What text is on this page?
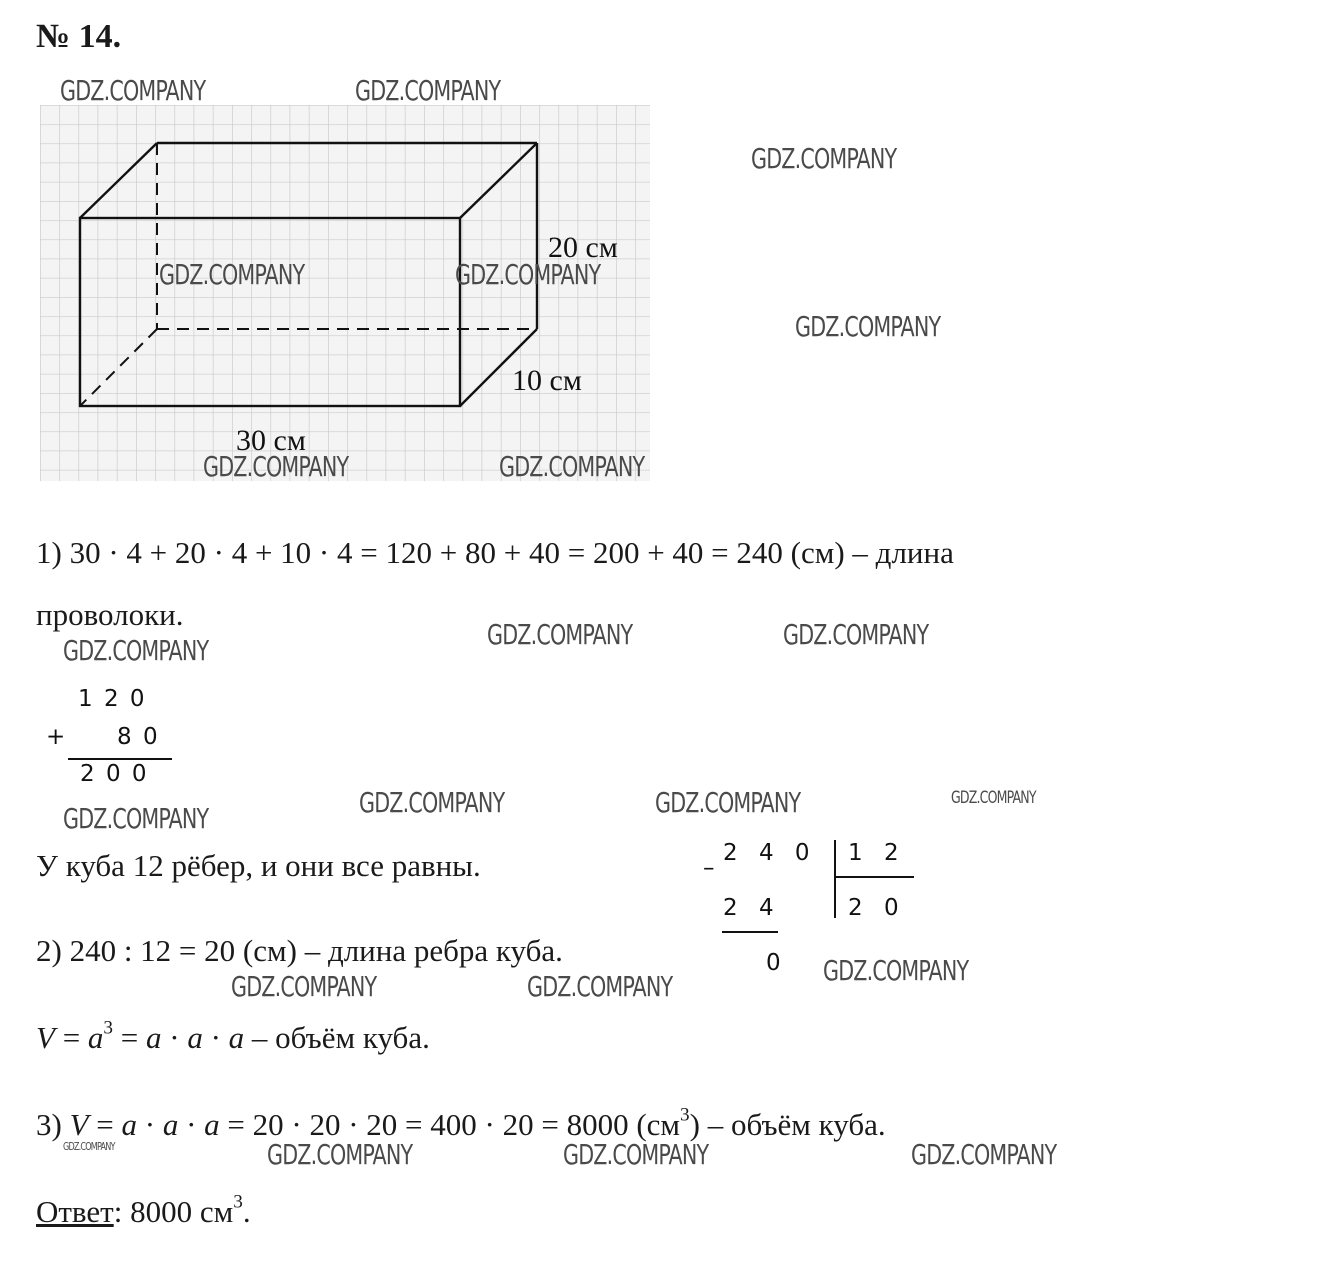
№ 14.
20 см
10 см
30 см
1) 30 · 4 + 20 · 4 + 10 · 4 = 120 + 80 + 40 = 200 + 40 = 240 (см) – длина
проволоки.
1 2 0
+ 8 0
2 0 0
У куба 12 рёбер, и они все равны.	–
2 4 0 1 2
2 4	2 0
0
2) 240 : 12 = 20 (см) – длина ребра куба.
$V = a^3 = a \cdot a \cdot a$ – объём куба.
3) V = a · a · a = 20 · 20 · 20 = 400 · 20 = 8000 $(см^3)$ – объём куба.
Ответ: 8000 $см^3$.
GDZ.COMPANY	GDZ.COMPANY
GDZ.COMPANY
GDZ.COMPANY	GDZ.COMPANY
GDZ.COMPANY
GDZ.COMPANY	GDZ.COMPANY
GDZ.COMPANY	GDZ.COMPANY
GDZ.COMPANY
GDZ.COMPANY	GDZ.COMPANY	GDZ.COMPANY
GDZ.COMPANY
GDZ.COMPANY
GDZ.COMPANY	GDZ.COMPANY
GDZ.COMPANY	GDZ.COMPANY	GDZ.COMPANY	GDZ.COMPANY
